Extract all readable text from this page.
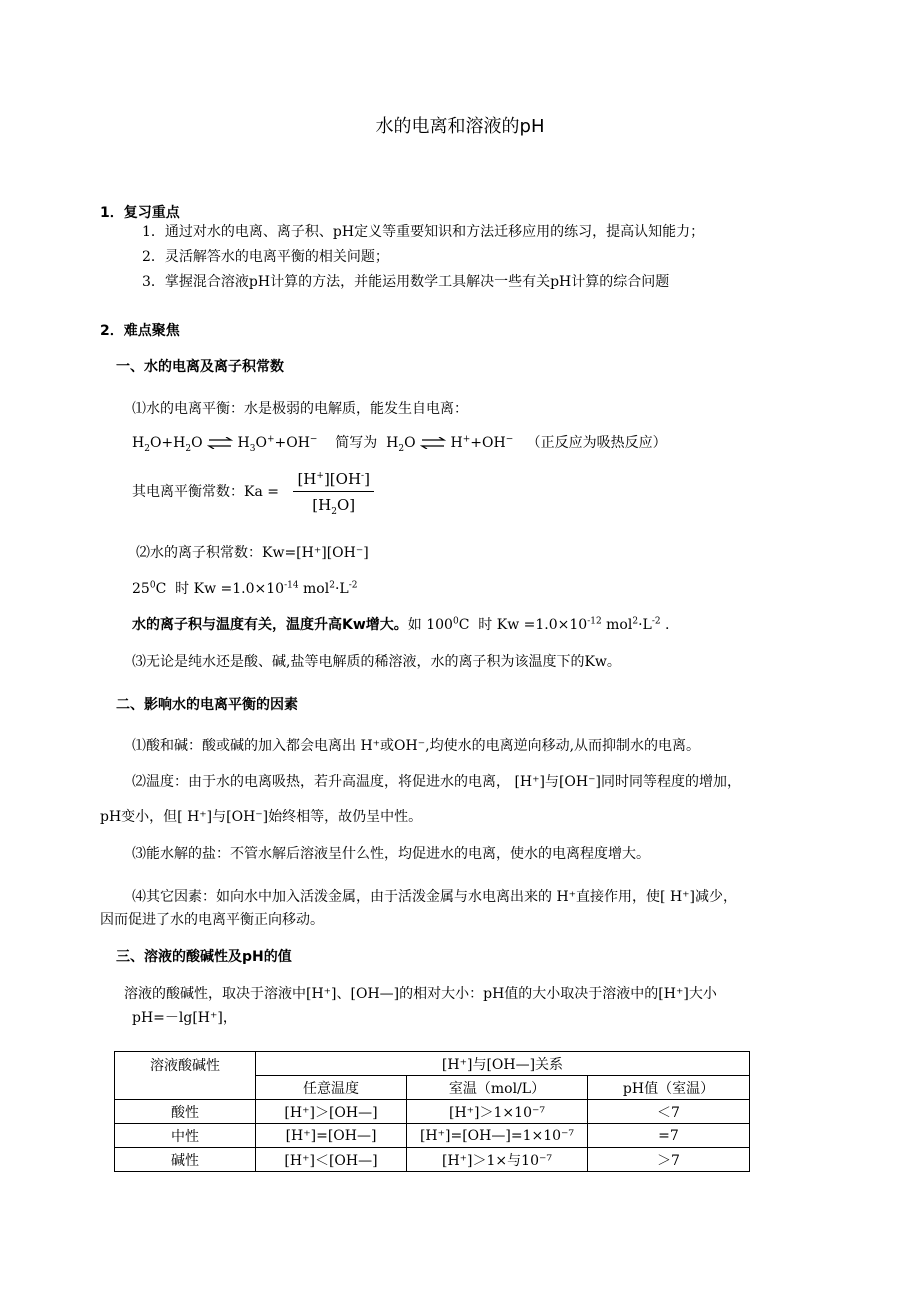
水的电离和溶液的pH
1．复习重点
1．通过对水的电离、离子积、pH定义等重要知识和方法迁移应用的练习，提高认知能力；
2．灵活解答水的电离平衡的相关问题；
3．掌握混合溶液pH计算的方法，并能运用数学工具解决一些有关pH计算的综合问题
2．难点聚焦
一、水的电离及离子积常数
⑴水的电离平衡：水是极弱的电解质，能发生自电离：
$H_2O+H_2O$ ⇌ $H_3O^++OH^-$ 简写为  $H_2O$ ⇌ H++OH− （正反应为吸热反应）
其电离平衡常数：$Ka = \frac{[H^+][OH^-]}{[H_2O]}$
⑵水的离子积常数：Kw=[H⁺][OH⁻]
$25^0C$  时 $Kw =1.0\times 10^{-14}$ $mol^2\cdot L^{-2}$
水的离子积与温度有关，温度升高Kw增大。如 $100^0C$  时 $Kw =1.0\times 10^{-12}$ $mol^2\cdot L^{-2}$ .
⑶无论是纯水还是酸、碱,盐等电解质的稀溶液，水的离子积为该温度下的Kw。
二、影响水的电离平衡的因素
⑴酸和碱：酸或碱的加入都会电离出 H⁺或OH⁻,均使水的电离逆向移动,从而抑制水的电离。
⑵温度：由于水的电离吸热，若升高温度，将促进水的电离， [H⁺]与[OH⁻]同时同等程度的增加，
pH变小，但[ H⁺]与[OH⁻]始终相等，故仍呈中性。
⑶能水解的盐：不管水解后溶液呈什么性，均促进水的电离，使水的电离程度增大。
⑷其它因素：如向水中加入活泼金属，由于活泼金属与水电离出来的 H⁺直接作用，使[ H⁺]减少，
因而促进了水的电离平衡正向移动。
三、溶液的酸碱性及pH的值
溶液的酸碱性，取决于溶液中[H⁺]、[OH—]的相对大小：pH值的大小取决于溶液中的[H⁺]大小
pH=－lg[H⁺]，
溶液酸碱性	[H⁺]与[OH—]关系		
	任意温度	室温（mol/L）	pH值（室温）
酸性	[H⁺]＞[OH—]	[H⁺]＞1×10⁻⁷	＜7
中性	[H⁺]=[OH—]	[H⁺]=[OH—]=1×10⁻⁷	=7
碱性	[H⁺]＜[OH—]	[H⁺]＞1×与10⁻⁷	＞7
